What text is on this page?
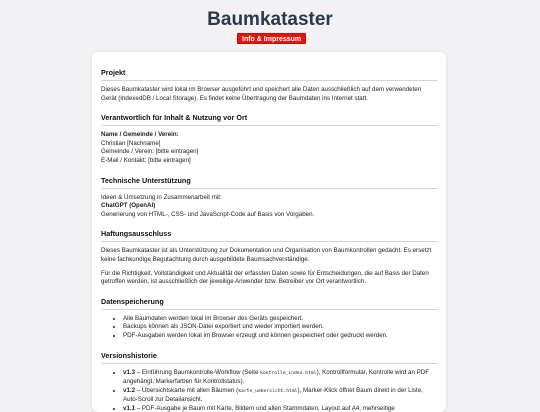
Baumkataster
Info & Impressum
Projekt

Dieses Baumkataster wird lokal im Browser ausgeführt und speichert alle Daten ausschließlich auf dem verwendeten Gerät (IndexedDB / Local Storage). Es findet keine Übertragung der Baumdaten ins Internet statt.

Verantwortlich für Inhalt & Nutzung vor Ort
Name / Gemeinde / Verein:
Christian [Nachname]
Gemeinde / Verein: [bitte eintragen]
E-Mail / Kontakt: [bitte eintragen]
Technische Unterstützung
Ideen & Umsetzung in Zusammenarbeit mit:
ChatGPT (OpenAI)
Generierung von HTML-, CSS- und JavaScript-Code auf Basis von Vorgaben.
Haftungsausschluss

Dieses Baumkataster ist als Unterstützung zur Dokumentation und Organisation von Baumkontrollen gedacht. Es ersetzt keine fachkundige Begutachtung durch ausgebildete Baumsachverständige.

Für die Richtigkeit, Vollständigkeit und Aktualität der erfassten Daten sowie für Entscheidungen, die auf Basis der Daten getroffen werden, ist ausschließlich der jeweilige Anwender bzw. Betreiber vor Ort verantwortlich.

Datenspeicherung
• Alle Baumdaten werden lokal im Browser des Geräts gespeichert.
• Backups können als JSON-Datei exportiert und wieder importiert werden.
• PDF-Ausgaben werden lokal im Browser erzeugt und können gespeichert oder gedruckt werden.
Versionshistorie
• v1.3 – Einführung Baumkontrolle-Workflow (Seite kontrolle_index.html), Kontrollformular, Kontrolle wird an PDF angehängt, Markerfarben für Kontrollstatus).
• v1.2 – Übersichtskarte mit allen Bäumen (karte_uebersicht.html), Marker-Klick öffnet Baum direkt in der Liste, Auto-Scroll zur Detailansicht.
• v1.1 – PDF-Ausgabe je Baum mit Karte, Bildern und allen Stammdaten, Layout auf A4, mehrseitige
